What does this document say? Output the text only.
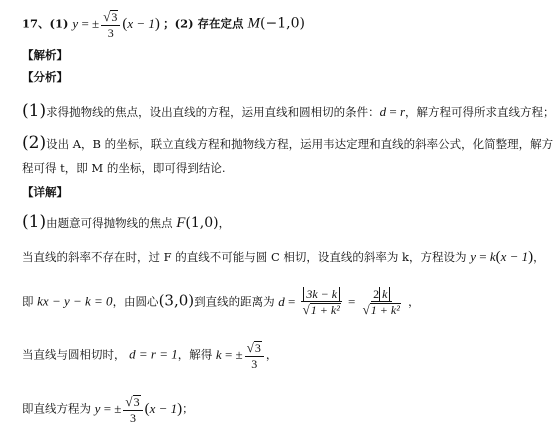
17、(1) y = ± $\frac{√ 3}{3} (x - 1)$ ；(2) 存在定点 M(−1,0)
【解析】
【分析】
(1)求得抛物线的焦点，设出直线的方程，运用直线和圆相切的条件：d = r，解方程可得所求直线方程；
(2)设出 A，B 的坐标，联立直线方程和抛物线方程，运用韦达定理和直线的斜率公式，化简整理，解方
程可得 t，即 M 的坐标，即可得到结论.
【详解】
(1)由题意可得抛物线的焦点 F(1,0)，
当直线的斜率不存在时，过 F 的直线不可能与圆 C 相切，设直线的斜率为 k，方程设为 y = k(x − 1)，
即 kx − y − k = 0，由圆心(3,0)到直线的距离为 $d = \frac{3k - k}{\text{√ 1 + k²}} = \frac{2 k}{\text{√ 1 + k²}}$ ，
当直线与圆相切时， d = r = 1，解得 k = ± $\frac{√ 3}{3}$ ，
即直线方程为 y = ± $\frac{√ 3}{3} (x - 1)$；
